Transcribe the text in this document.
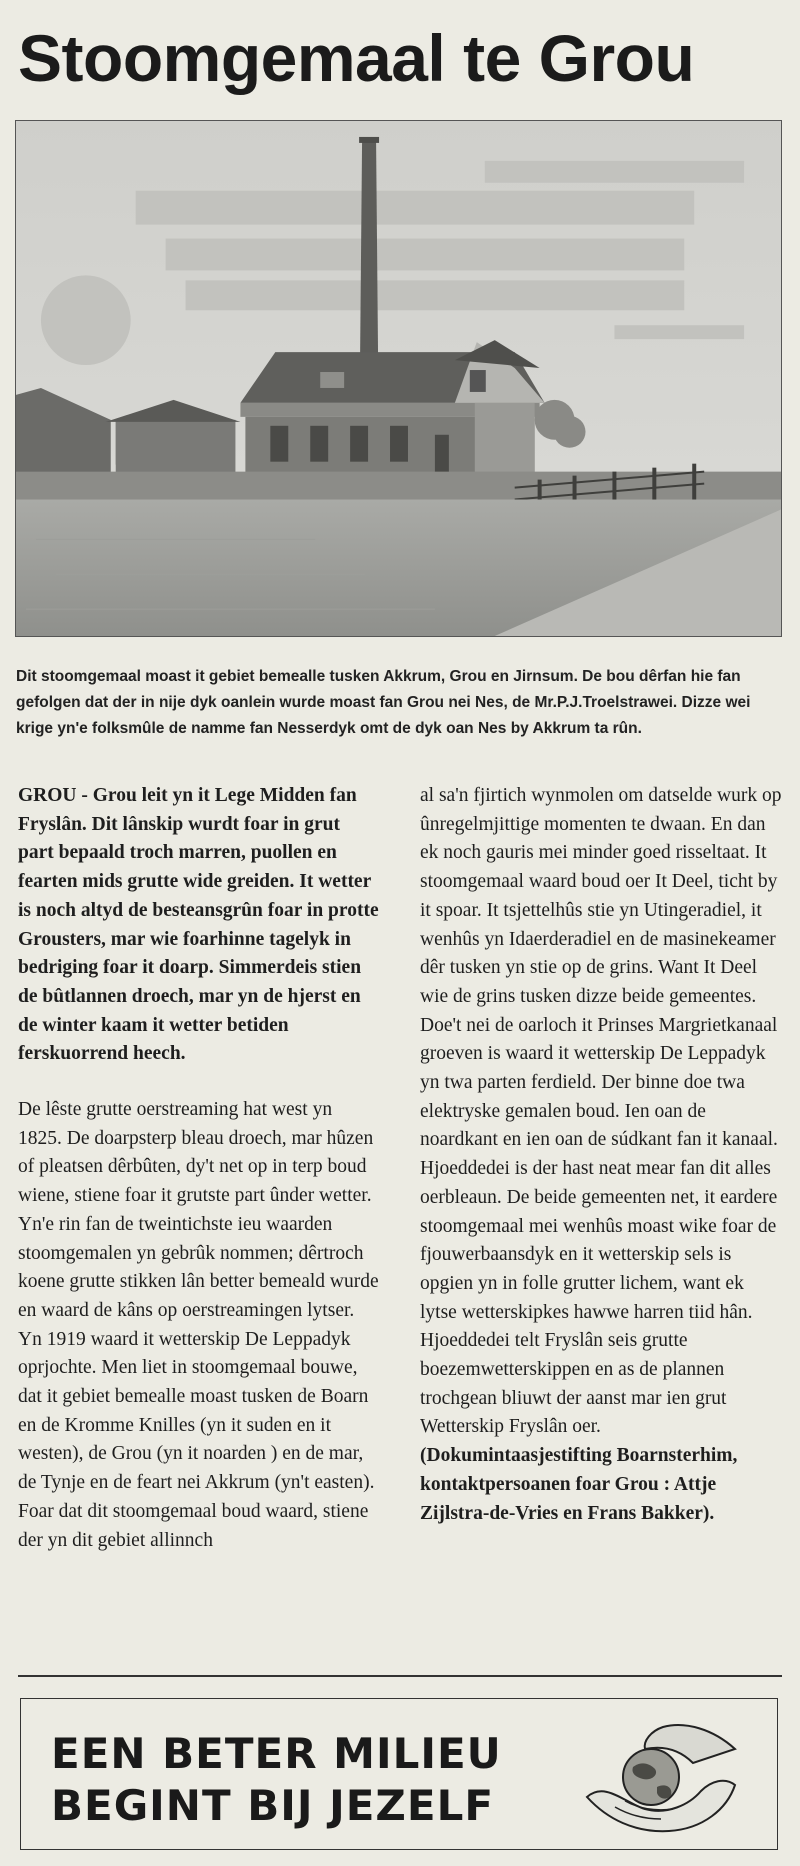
Stoomgemaal te Grou

Dit stoomgemaal moast it gebiet bemealle tusken Akkrum, Grou en Jirnsum. De bou dêrfan hie fan gefolgen dat der in nije dyk oanlein wurde moast fan Grou nei Nes, de Mr.P.J.Troelstrawei. Dizze wei krige yn'e folksmûle de namme fan Nesserdyk omt de dyk oan Nes by Akkrum ta rûn.

GROU - Grou leit yn it Lege Midden fan Fryslân. Dit lânskip wurdt foar in grut part bepaald troch marren, puollen en fearten mids grutte wide greiden. It wetter is noch altyd de besteansgrûn foar in protte Grousters, mar wie foarhinne tagelyk in bedriging foar it doarp. Simmerdeis stien de bûtlannen droech, mar yn de hjerst en de winter kaam it wetter betiden ferskuorrend heech.

De lêste grutte oerstreaming hat west yn 1825. De doarpsterp bleau droech, mar hûzen of pleatsen dêrbûten, dy't net op in terp boud wiene, stiene foar it grutste part ûnder wetter. Yn'e rin fan de tweintichste ieu waarden stoomgemalen yn gebrûk nommen; dêrtroch koene grutte stikken lân better bemeald wurde en waard de kâns op oerstreamingen lytser. Yn 1919 waard it wetterskip De Leppadyk oprjochte. Men liet in stoomgemaal bouwe, dat it gebiet bemealle moast tusken de Boarn en de Kromme Knilles (yn it suden en it westen), de Grou (yn it noarden ) en de mar, de Tynje en de feart nei Akkrum (yn't easten). Foar dat dit stoomgemaal boud waard, stiene der yn dit gebiet allinnch

al sa'n fjirtich wynmolen om datselde wurk op ûnregelmjittige momenten te dwaan. En dan ek noch gauris mei minder goed risseltaat. It stoomgemaal waard boud oer It Deel, ticht by it spoar. It tsjettelhûs stie yn Utingeradiel, it wenhûs yn Idaerderadiel en de masinekeamer dêr tusken yn stie op de grins. Want It Deel wie de grins tusken dizze beide gemeentes. Doe't nei de oarloch it Prinses Margrietkanaal groeven is waard it wetterskip De Leppadyk yn twa parten ferdield. Der binne doe twa elektryske gemalen boud. Ien oan de noardkant en ien oan de súdkant fan it kanaal. Hjoeddedei is der hast neat mear fan dit alles oerbleaun. De beide gemeenten net, it eardere stoomgemaal mei wenhûs moast wike foar de fjouwerbaansdyk en it wetterskip sels is opgien yn in folle grutter lichem, want ek lytse wetterskipkes hawwe harren tiid hân. Hjoeddedei telt Fryslân seis grutte boezemwetterskippen en as de plannen trochgean bliuwt der aanst mar ien grut Wetterskip Fryslân oer.

(Dokumintaasjestifting Boarnsterhim, kontaktpersoanen foar Grou : Attje Zijlstra-de-Vries en Frans Bakker).

EEN BETER MILIEU
BEGINT BIJ JEZELF
